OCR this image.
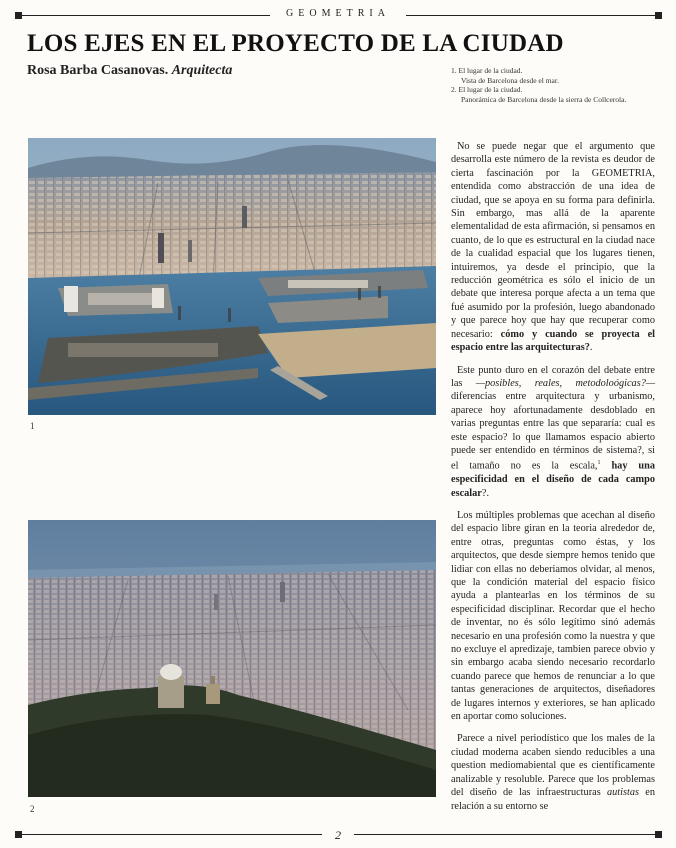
GEOMETRIA
LOS EJES EN EL PROYECTO DE LA CIUDAD
Rosa Barba Casanovas. Arquitecta	1. El lugar de la ciudad.
Vista de Barcelona desde el mar.
2. El lugar de la ciudad.
Panorámica de Barcelona desde la sierra de Collcerola.
1
2

No se puede negar que el argumento que desarrolla este número de la revista es deudor de cierta fascinación por la GEOMETRIA, entendida como abstracción de una idea de ciudad, que se apoya en su forma para definirla. Sin embargo, mas allá de la aparente elementalidad de esta afirmación, si pensamos en cuanto, de lo que es estructural en la ciudad nace de la cualidad espacial que los lugares tienen, intuiremos, ya desde el principio, que la reducción geométrica es sólo el inicio de un debate que interesa porque afecta a un tema que fué asumido por la profesión, luego abandonado y que parece hoy que hay que recuperar como necesario: cómo y cuando se proyecta el espacio entre las arquitecturas?.

Este punto duro en el corazón del debate entre las —posibles, reales, metodoloógicas?— diferencias entre arquitectura y urbanismo, aparece hoy afortunadamente desdoblado en varias preguntas entre las que separaría: cual es este espacio? lo que llamamos espacio abierto puede ser entendido en términos de sistema?, si el tamaño no es la escala,$^1$ hay una especificidad en el diseño de cada campo escalar?.

Los múltiples problemas que acechan al diseño del espacio libre giran en la teoria alrededor de, entre otras, preguntas como éstas, y los arquitectos, que desde siempre hemos tenido que lidiar con ellas no deberiamos olvidar, al menos, que la condición material del espacio físico ayuda a plantearlas en los términos de su especificidad disciplinar. Recordar que el hecho de inventar, no és sólo legítimo sinó además necesario en una profesión como la nuestra y que no excluye el apredizaje, tambien parece obvio y sin embargo acaba siendo necesario recordarlo cuando parece que hemos de renunciar a lo que tantas generaciones de arquitectos, diseñadores de lugares internos y exteriores, se han aplicado en aportar como soluciones.

Parece a nivel periodístico que los males de la ciudad moderna acaben siendo reducibles a una question mediomabiental que es científicamente analizable y resoluble. Parece que los problemas del diseño de las infraestructuras autistas en relación a su entorno se

2
